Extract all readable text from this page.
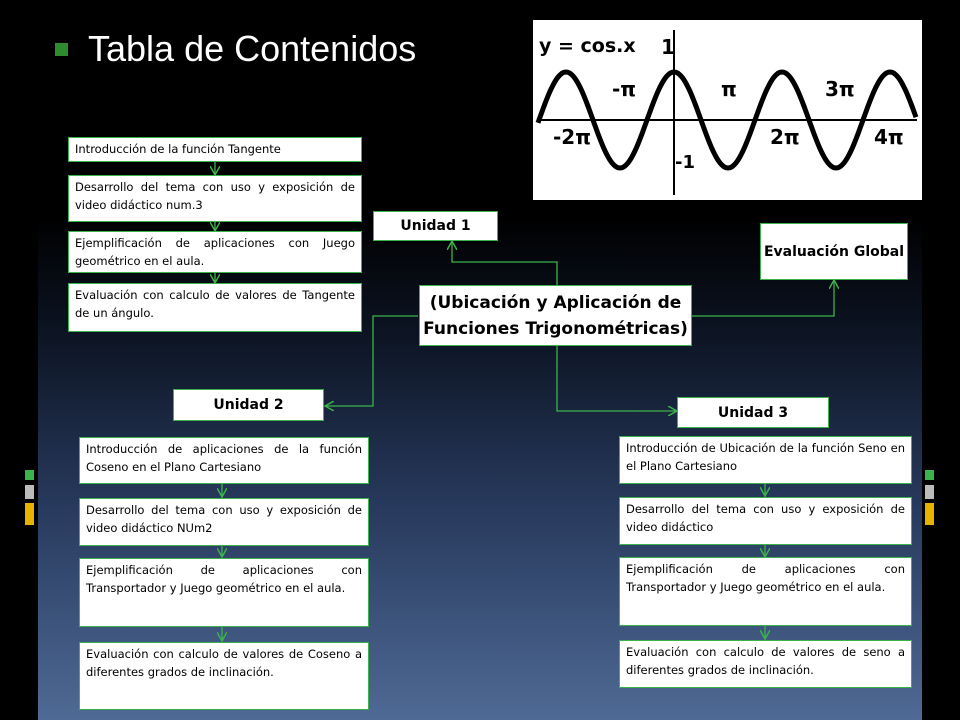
Tabla de Contenidos	y = cos.x 1
-π	π	3π
-2π
-1
2π	4π
Introducción de la función Tangente
Desarrollo del tema con uso y exposición de video didáctico num.3
Ejemplificación de aplicaciones con Juego geométrico en el aula.
Evaluación con calculo de valores de Tangente de un ángulo.
Unidad 1
Unidad 2	Unidad 3
Evaluación Global
(Ubicación y Aplicación de Funciones Trigonométricas)
Introducción de aplicaciones de la función Coseno en el Plano Cartesiano
Desarrollo del tema con uso y exposición de video didáctico NUm2
Ejemplificación de aplicaciones con Transportador y Juego geométrico en el aula.
Evaluación con calculo de valores de Coseno a diferentes grados de inclinación.
Introducción de Ubicación de la función Seno en el Plano Cartesiano
Desarrollo del tema con uso y exposición de video didáctico
Ejemplificación de aplicaciones con Transportador y Juego geométrico en el aula.
Evaluación con calculo de valores de seno a diferentes grados de inclinación.
